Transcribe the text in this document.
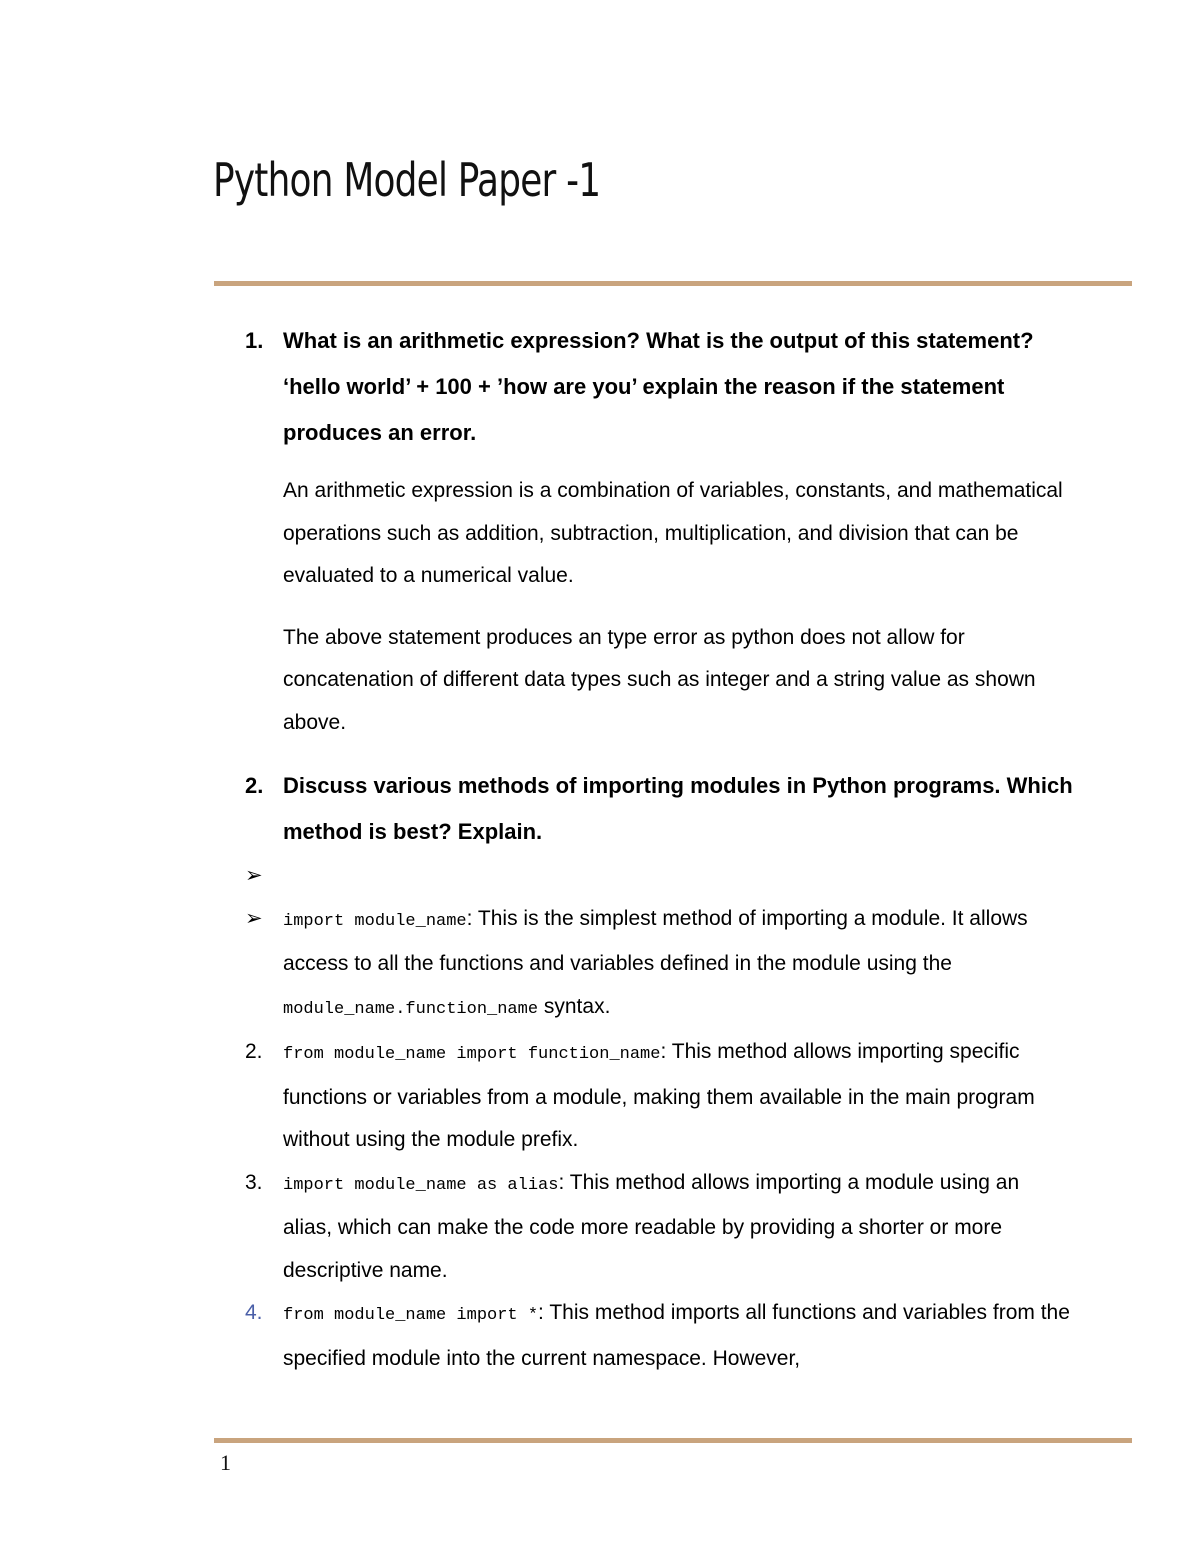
Python Model Paper -1
1. What is an arithmetic expression? What is the output of this statement? ‘hello world’ + 100 + ’how are you’ explain the reason if the statement produces an error.

An arithmetic expression is a combination of variables, constants, and mathematical operations such as addition, subtraction, multiplication, and division that can be evaluated to a numerical value.

The above statement produces an type error as python does not allow for concatenation of different data types such as integer and a string value as shown above.

2. Discuss various methods of importing modules in Python programs. Which method is best? Explain.

➢
➢	import module_name: This is the simplest method of importing a module. It allows access to all the functions and variables defined in the module using the module_name.function_name syntax.
2.	from module_name import function_name: This method allows importing specific functions or variables from a module, making them available in the main program without using the module prefix.
3.	import module_name as alias: This method allows importing a module using an alias, which can make the code more readable by providing a shorter or more descriptive name.
4.	from module_name import *: This method imports all functions and variables from the specified module into the current namespace. However,
1
